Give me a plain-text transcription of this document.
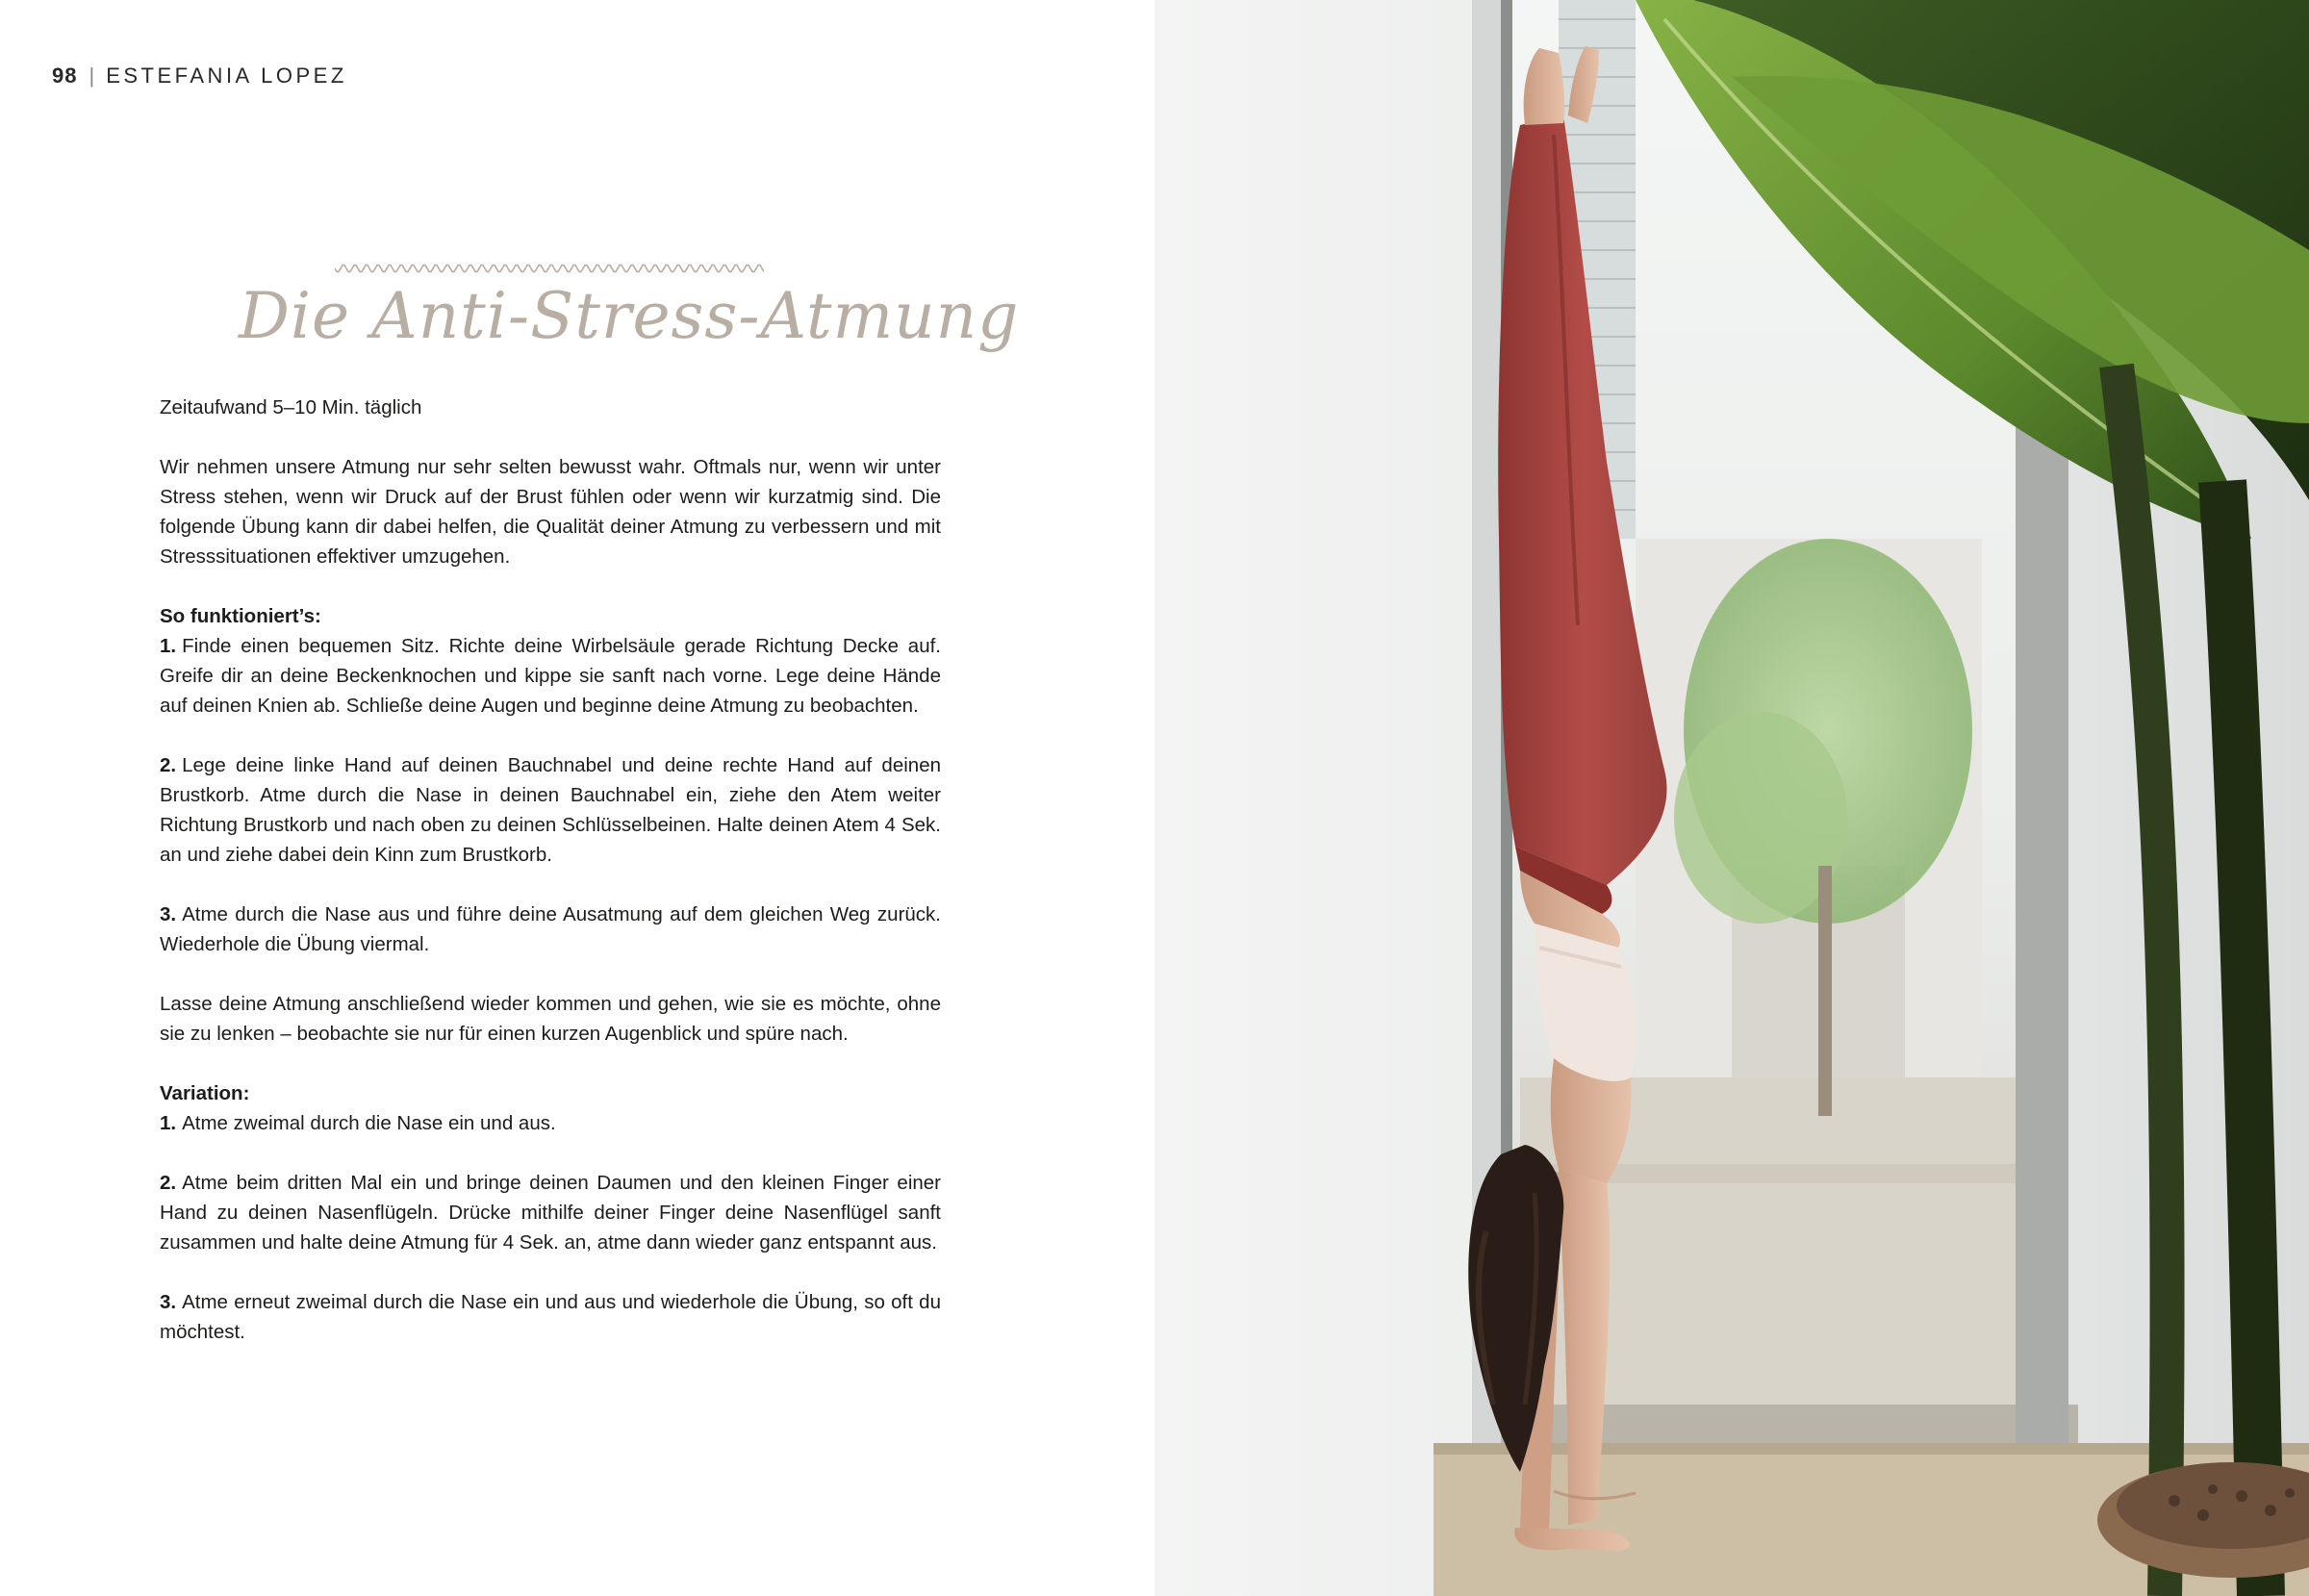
98 | ESTEFANIA LOPEZ
Die Anti-Stress-Atmung

Zeitaufwand 5–10 Min. täglich

Wir nehmen unsere Atmung nur sehr selten bewusst wahr. Oftmals nur, wenn wir unter Stress stehen, wenn wir Druck auf der Brust fühlen oder wenn wir kurzatmig sind. Die folgende Übung kann dir dabei helfen, die Qualität deiner Atmung zu verbessern und mit Stresssituationen effektiver umzugehen.

So funktioniert’s:

1. Finde einen bequemen Sitz. Richte deine Wirbelsäule gerade Richtung Decke auf. Greife dir an deine Beckenknochen und kippe sie sanft nach vorne. Lege deine Hände auf deinen Knien ab. Schließe deine Augen und beginne deine Atmung zu beobachten.

2. Lege deine linke Hand auf deinen Bauchnabel und deine rechte Hand auf deinen Brustkorb. Atme durch die Nase in deinen Bauchnabel ein, ziehe den Atem weiter Richtung Brustkorb und nach oben zu deinen Schlüsselbeinen. Halte deinen Atem 4 Sek. an und ziehe dabei dein Kinn zum Brustkorb.

3. Atme durch die Nase aus und führe deine Ausatmung auf dem gleichen Weg zurück. Wiederhole die Übung viermal.

Lasse deine Atmung anschließend wieder kommen und gehen, wie sie es möchte, ohne sie zu lenken – beobachte sie nur für einen kurzen Augenblick und spüre nach.

Variation:

1. Atme zweimal durch die Nase ein und aus.

2. Atme beim dritten Mal ein und bringe deinen Daumen und den kleinen Finger einer Hand zu deinen Nasenflügeln. Drücke mithilfe deiner Finger deine Nasenflügel sanft zusammen und halte deine Atmung für 4 Sek. an, atme dann wieder ganz entspannt aus.

3. Atme erneut zweimal durch die Nase ein und aus und wiederhole die Übung, so oft du möchtest.
